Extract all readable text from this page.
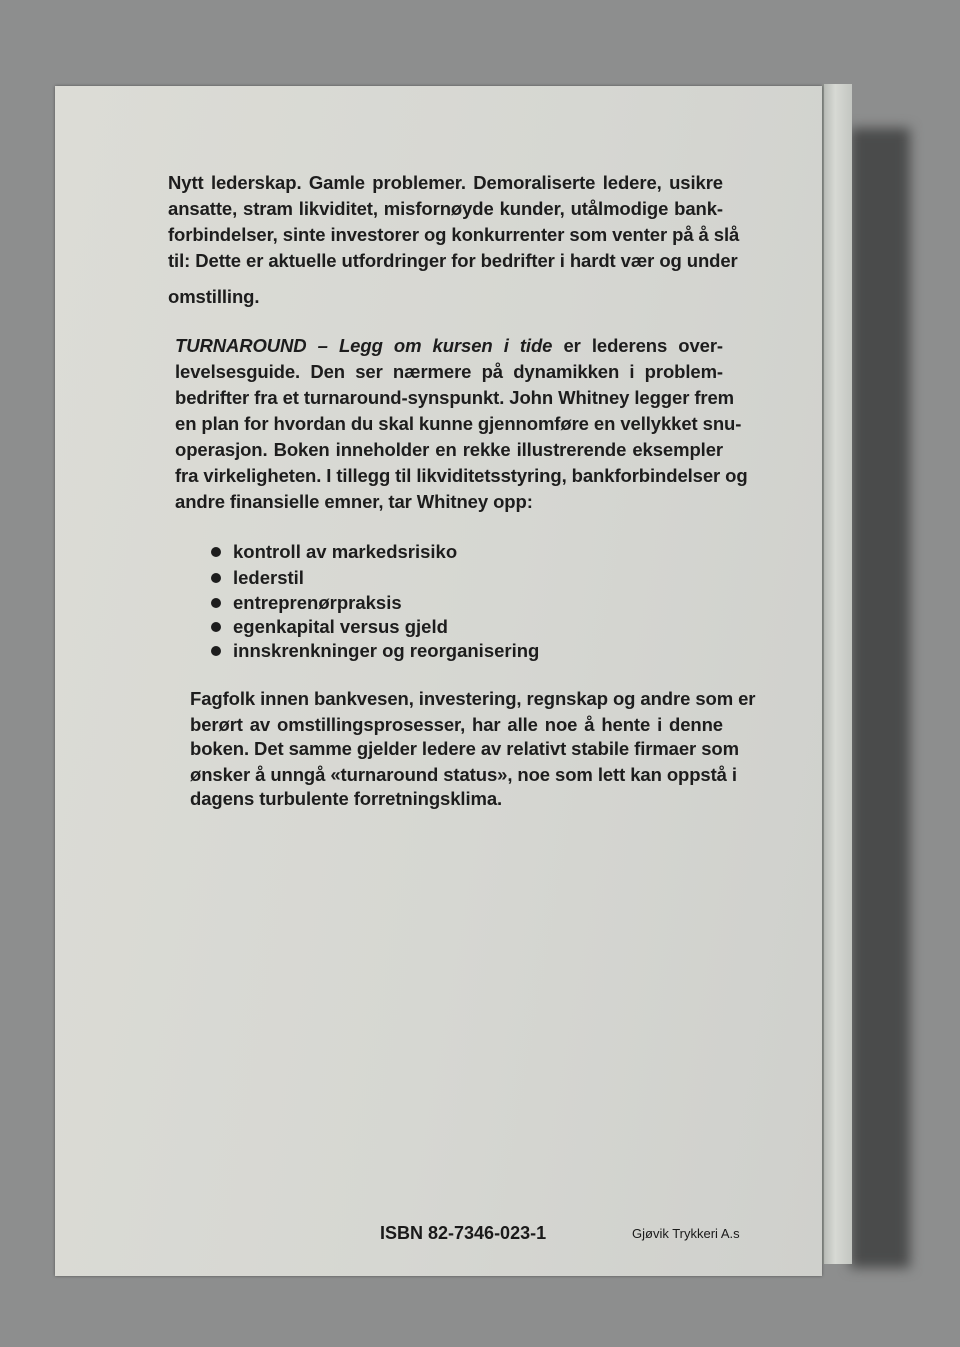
Nytt lederskap. Gamle problemer. Demoraliserte ledere, usikre
ansatte, stram likviditet, misfornøyde kunder, utålmodige bank-
forbindelser, sinte investorer og konkurrenter som venter på å slå
til: Dette er aktuelle utfordringer for bedrifter i hardt vær og under
omstilling.
TURNAROUND – Legg om kursen i tide er lederens over-
levelsesguide. Den ser nærmere på dynamikken i problem-
bedrifter fra et turnaround-synspunkt. John Whitney legger frem
en plan for hvordan du skal kunne gjennomføre en vellykket snu-
operasjon. Boken inneholder en rekke illustrerende eksempler
fra virkeligheten. I tillegg til likviditetsstyring, bankforbindelser og
andre finansielle emner, tar Whitney opp:
kontroll av markedsrisiko
lederstil
entreprenørpraksis
egenkapital versus gjeld
innskrenkninger og reorganisering
Fagfolk innen bankvesen, investering, regnskap og andre som er
berørt av omstillingsprosesser, har alle noe å hente i denne
boken. Det samme gjelder ledere av relativt stabile firmaer som
ønsker å unngå «turnaround status», noe som lett kan oppstå i
dagens turbulente forretningsklima.
ISBN 82-7346-023-1	Gjøvik Trykkeri A.s
